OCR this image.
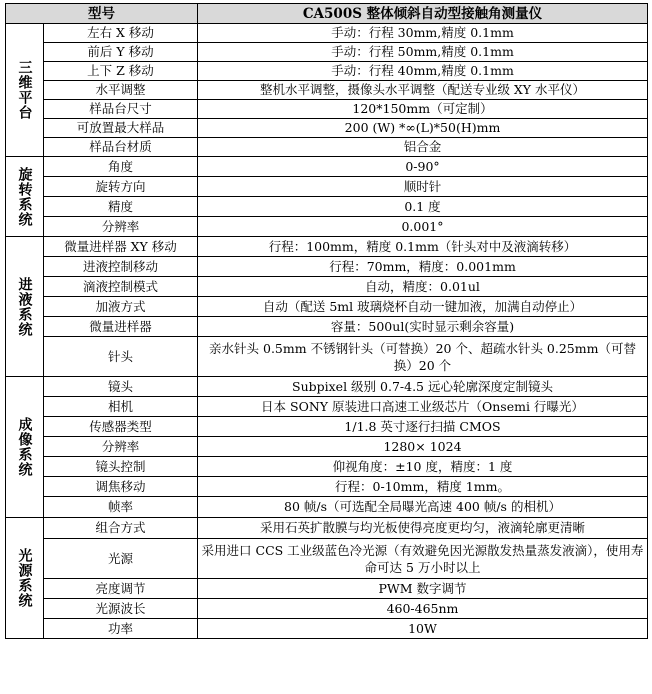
型号		CA500S 整体倾斜自动型接触角测量仪
三维平台	左右 X 移动	手动：行程 30mm,精度 0.1mm
	前后 Y 移动	手动：行程 50mm,精度 0.1mm
	上下 Z 移动	手动：行程 40mm,精度 0.1mm
	水平调整	整机水平调整，摄像头水平调整（配送专业级 XY 水平仪）
	样品台尺寸	120*150mm（可定制）
	可放置最大样品	200 (W) *∞(L)*50(H)mm
	样品台材质	铝合金
旋转系统	角度	0-90°
	旋转方向	顺时针
	精度	0.1 度
	分辨率	0.001°
进液系统	微量进样器 XY 移动	行程：100mm，精度 0.1mm（针头对中及液滴转移）
	进液控制移动	行程：70mm，精度：0.001mm
	滴液控制模式	自动，精度：0.01ul
	加液方式	自动（配送 5ml 玻璃烧杯自动一键加液，加满自动停止）
	微量进样器	容量：500ul(实时显示剩余容量)
	针头	亲水针头 0.5mm 不锈钢针头（可替换）20 个、超疏水针头 0.25mm（可替换）20 个
成像系统	镜头	Subpixel 级别 0.7-4.5 远心轮廓深度定制镜头
	相机	日本 SONY 原装进口高速工业级芯片（Onsemi 行曝光）
	传感器类型	1/1.8 英寸逐行扫描 CMOS
	分辨率	1280× 1024
	镜头控制	仰视角度：±10 度，精度：1 度
	调焦移动	行程：0-10mm，精度 1mm。
	帧率	80 帧/s（可选配全局曝光高速 400 帧/s 的相机）
光源系统	组合方式	采用石英扩散膜与均光板使得亮度更均匀，液滴轮廓更清晰
	光源	采用进口 CCS 工业级蓝色冷光源（有效避免因光源散发热量蒸发液滴），使用寿命可达 5 万小时以上
	亮度调节	PWM 数字调节
	光源波长	460-465nm
	功率	10W
